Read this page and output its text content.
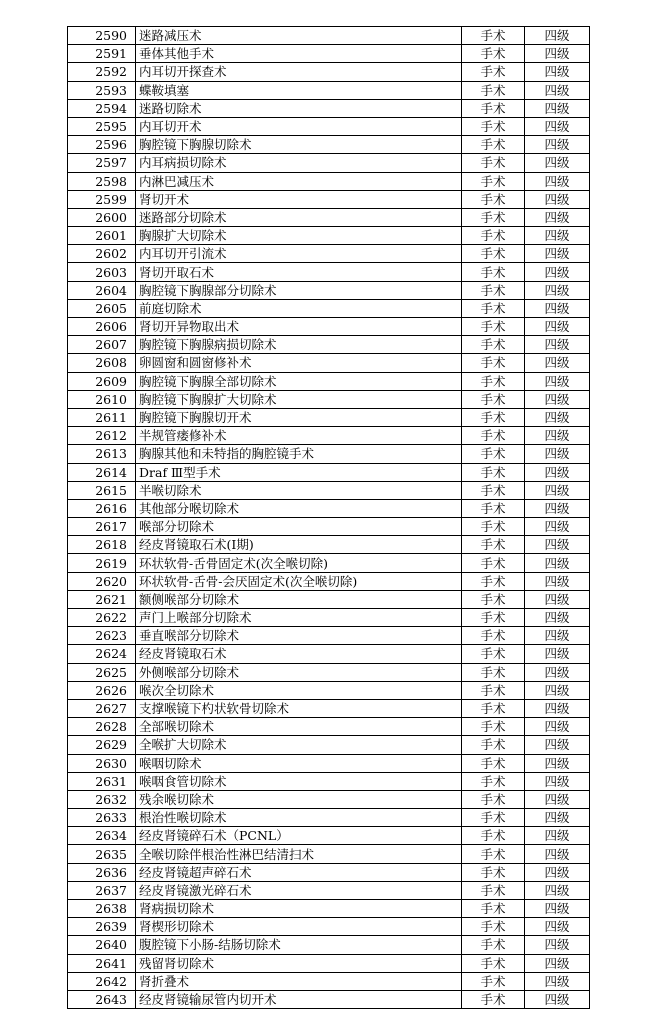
2590	迷路减压术	手术	四级
2591	垂体其他手术	手术	四级
2592	内耳切开探查术	手术	四级
2593	蝶鞍填塞	手术	四级
2594	迷路切除术	手术	四级
2595	内耳切开术	手术	四级
2596	胸腔镜下胸腺切除术	手术	四级
2597	内耳病损切除术	手术	四级
2598	内淋巴减压术	手术	四级
2599	肾切开术	手术	四级
2600	迷路部分切除术	手术	四级
2601	胸腺扩大切除术	手术	四级
2602	内耳切开引流术	手术	四级
2603	肾切开取石术	手术	四级
2604	胸腔镜下胸腺部分切除术	手术	四级
2605	前庭切除术	手术	四级
2606	肾切开异物取出术	手术	四级
2607	胸腔镜下胸腺病损切除术	手术	四级
2608	卵圆窗和圆窗修补术	手术	四级
2609	胸腔镜下胸腺全部切除术	手术	四级
2610	胸腔镜下胸腺扩大切除术	手术	四级
2611	胸腔镜下胸腺切开术	手术	四级
2612	半规管瘘修补术	手术	四级
2613	胸腺其他和未特指的胸腔镜手术	手术	四级
2614	Draf Ⅲ型手术	手术	四级
2615	半喉切除术	手术	四级
2616	其他部分喉切除术	手术	四级
2617	喉部分切除术	手术	四级
2618	经皮肾镜取石术(I期)	手术	四级
2619	环状软骨-舌骨固定术(次全喉切除)	手术	四级
2620	环状软骨-舌骨-会厌固定术(次全喉切除)	手术	四级
2621	额侧喉部分切除术	手术	四级
2622	声门上喉部分切除术	手术	四级
2623	垂直喉部分切除术	手术	四级
2624	经皮肾镜取石术	手术	四级
2625	外侧喉部分切除术	手术	四级
2626	喉次全切除术	手术	四级
2627	支撑喉镜下杓状软骨切除术	手术	四级
2628	全部喉切除术	手术	四级
2629	全喉扩大切除术	手术	四级
2630	喉咽切除术	手术	四级
2631	喉咽食管切除术	手术	四级
2632	残余喉切除术	手术	四级
2633	根治性喉切除术	手术	四级
2634	经皮肾镜碎石术（PCNL）	手术	四级
2635	全喉切除伴根治性淋巴结清扫术	手术	四级
2636	经皮肾镜超声碎石术	手术	四级
2637	经皮肾镜激光碎石术	手术	四级
2638	肾病损切除术	手术	四级
2639	肾楔形切除术	手术	四级
2640	腹腔镜下小肠-结肠切除术	手术	四级
2641	残留肾切除术	手术	四级
2642	肾折叠术	手术	四级
2643	经皮肾镜输尿管内切开术	手术	四级
